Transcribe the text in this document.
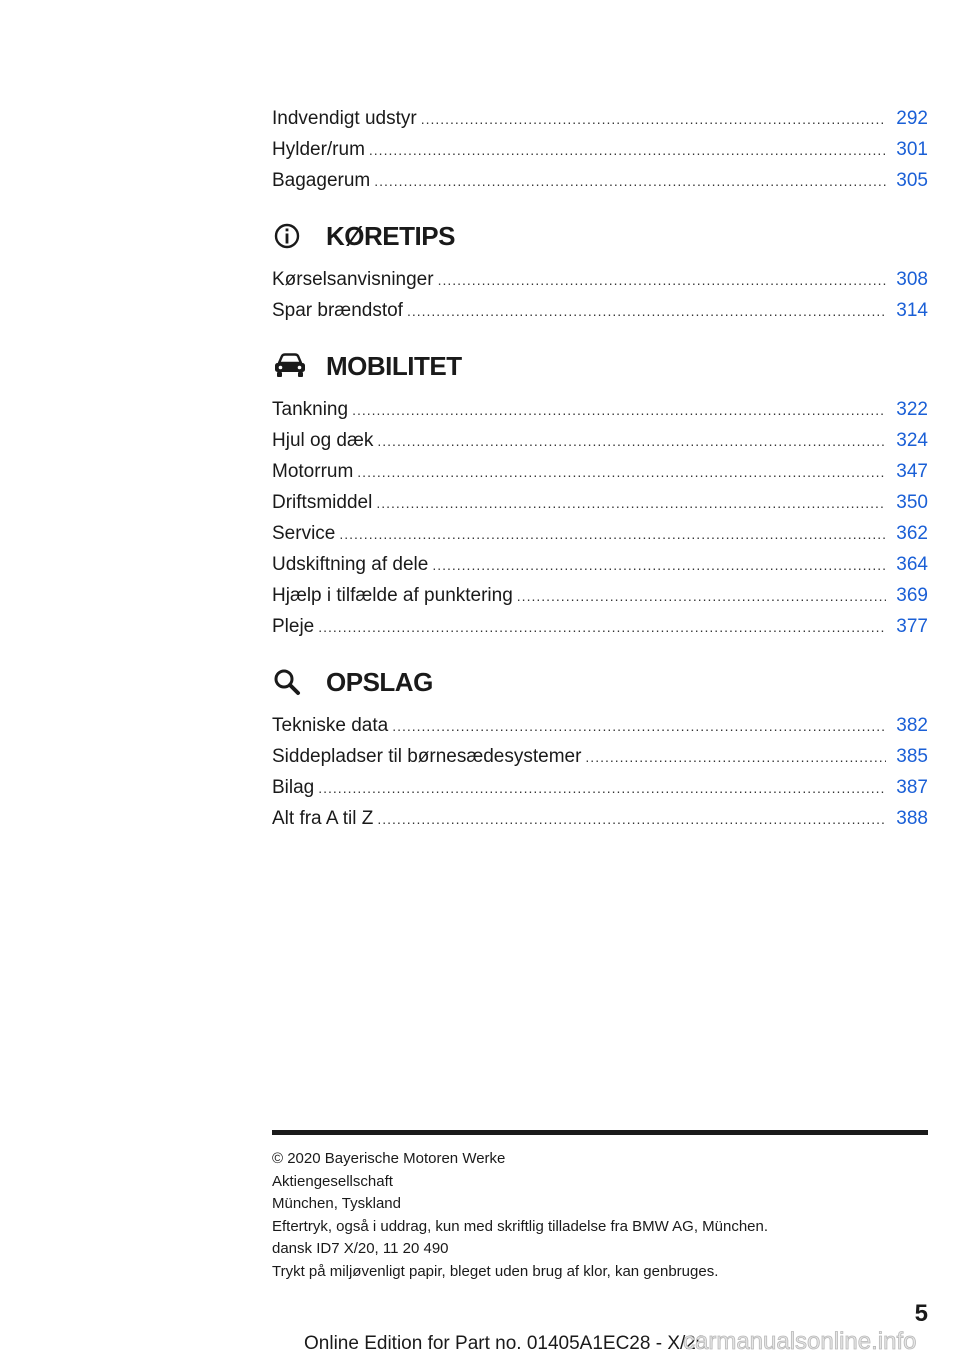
Indvendigt udstyr .....	292
Hylder/rum .....	301
Bagagerum .....	305
KØRETIPS
Kørselsanvisninger .....	308
Spar brændstof .....	314
MOBILITET
Tankning .....	322
Hjul og dæk .....	324
Motorrum .....	347
Driftsmiddel .....	350
Service .....	362
Udskiftning af dele .....	364
Hjælp i tilfælde af punktering .....	369
Pleje .....	377
OPSLAG
Tekniske data .....	382
Siddepladser til børnesædesystemer .....	385
Bilag .....	387
Alt fra A til Z .....	388
© 2020 Bayerische Motoren Werke
Aktiengesellschaft
München, Tyskland
Eftertryk, også i uddrag, kun med skriftlig tilladelse fra BMW AG, München.
dansk ID7 X/20, 11 20 490
Trykt på miljøvenligt papir, bleget uden brug af klor, kan genbruges.
5
Online Edition for Part no. 01405A1EC28 - X/20
carmanualsonline.info
